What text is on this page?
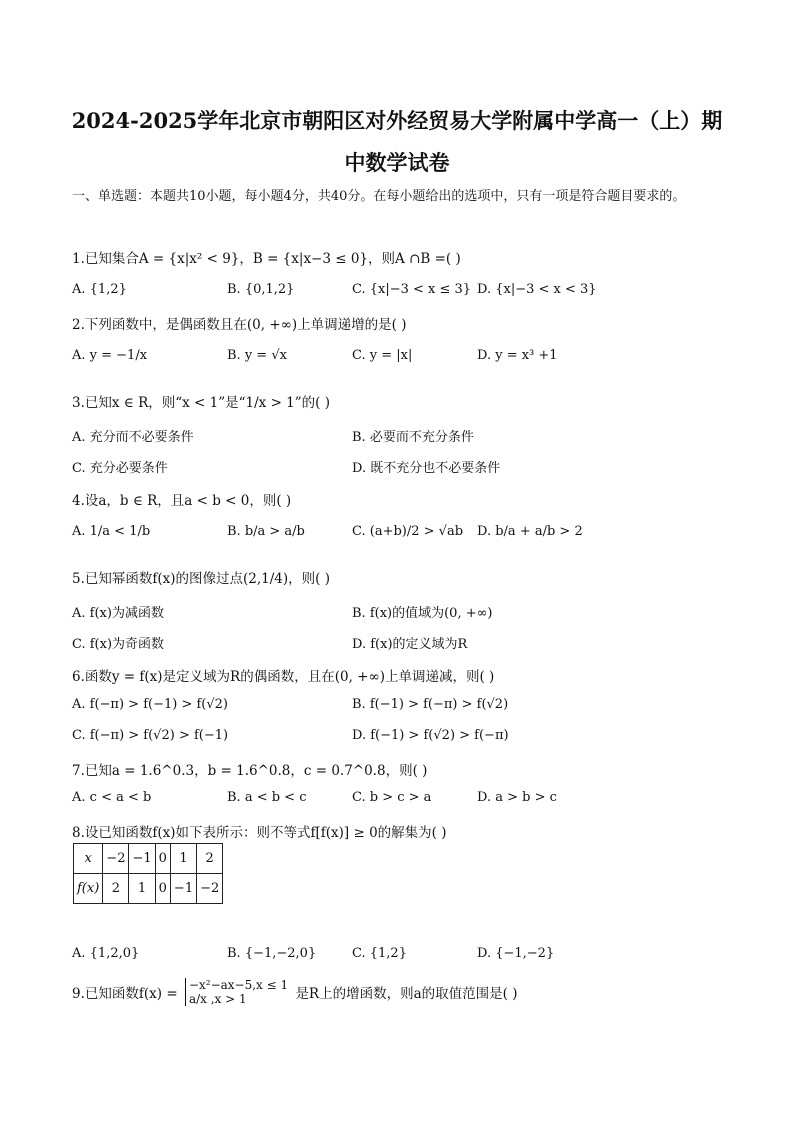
2024-2025学年北京市朝阳区对外经贸易大学附属中学高一（上）期
中数学试卷
一、单选题：本题共10小题，每小题4分，共40分。在每小题给出的选项中，只有一项是符合题目要求的。
1.已知集合A = {x|x² < 9}，B = {x|x−3 ≤ 0}，则A ∩B =( )
A. {1,2}	B. {0,1,2}	C. {x|−3 < x ≤ 3} D. {x|−3 < x < 3}
2.下列函数中，是偶函数且在(0, +∞)上单调递增的是( )
A. y = −1/x	B. y = √x	C. y = |x|	D. y = x³ +1
3.已知x ∈ R，则“x < 1”是“1/x > 1”的( )
A. 充分而不必要条件	B. 必要而不充分条件
C. 充分必要条件	D. 既不充分也不必要条件
4.设a，b ∈ R，且a < b < 0，则( )
A. 1/a < 1/b	B. b/a > a/b	C. (a+b)/2 > √ab D. b/a + a/b > 2
5.已知幂函数f(x)的图像过点(2,1/4)，则( )
A. f(x)为减函数	B. f(x)的值域为(0, +∞)
C. f(x)为奇函数	D. f(x)的定义域为R
6.函数y = f(x)是定义域为R的偶函数，且在(0, +∞)上单调递减，则( )
A. f(−π) > f(−1) > f(√2)	B. f(−1) > f(−π) > f(√2)
C. f(−π) > f(√2) > f(−1)	D. f(−1) > f(√2) > f(−π)
7.已知a = 1.6^0.3，b = 1.6^0.8，c = 0.7^0.8，则( )
A. c < a < b	B. a < b < c	C. b > c > a	D. a > b > c
8.设已知函数f(x)如下表所示：则不等式f[f(x)] ≥ 0的解集为( )
x	−2	−1	0	1	2
f(x)	2	1	0	−1	−2
A. {1,2,0}	B. {−1,−2,0}	C. {1,2}	D. {−1,−2}
9.已知函数f(x) =
−x²−ax−5,x ≤ 1
a/x ,x > 1	是R上的增函数，则a的取值范围是( )
